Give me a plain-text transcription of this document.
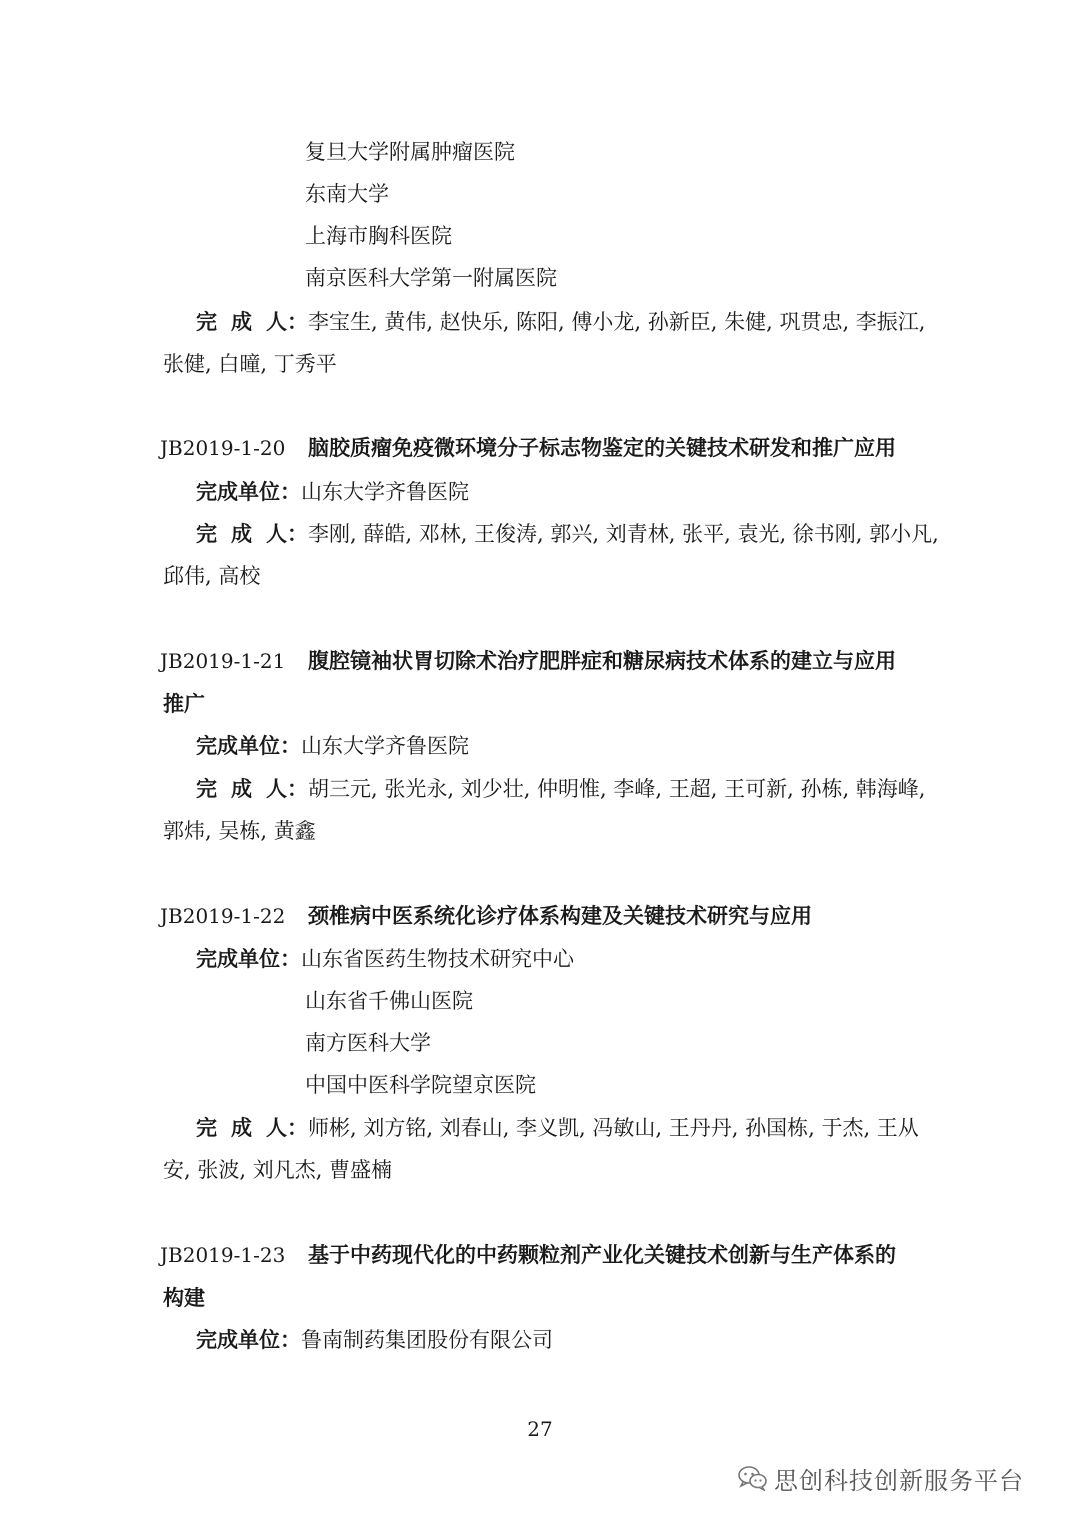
复旦大学附属肿瘤医院
东南大学
上海市胸科医院
南京医科大学第一附属医院
完成人：李宝生, 黄伟, 赵快乐, 陈阳, 傅小龙, 孙新臣, 朱健, 巩贯忠, 李振江,
张健, 白曈, 丁秀平
JB2019-1-20 脑胶质瘤免疫微环境分子标志物鉴定的关键技术研发和推广应用
完成单位：山东大学齐鲁医院
完成人：李刚, 薛皓, 邓林, 王俊涛, 郭兴, 刘青林, 张平, 袁光, 徐书刚, 郭小凡,
邱伟, 高校
JB2019-1-21 腹腔镜袖状胃切除术治疗肥胖症和糖尿病技术体系的建立与应用
推广
完成单位：山东大学齐鲁医院
完成人：胡三元, 张光永, 刘少壮, 仲明惟, 李峰, 王超, 王可新, 孙栋, 韩海峰,
郭炜, 吴栋, 黄鑫
JB2019-1-22 颈椎病中医系统化诊疗体系构建及关键技术研究与应用
完成单位：山东省医药生物技术研究中心
山东省千佛山医院
南方医科大学
中国中医科学院望京医院
完成人：师彬, 刘方铭, 刘春山, 李义凯, 冯敏山, 王丹丹, 孙国栋, 于杰, 王从
安, 张波, 刘凡杰, 曹盛楠
JB2019-1-23 基于中药现代化的中药颗粒剂产业化关键技术创新与生产体系的
构建
完成单位：鲁南制药集团股份有限公司
27
思创科技创新服务平台
